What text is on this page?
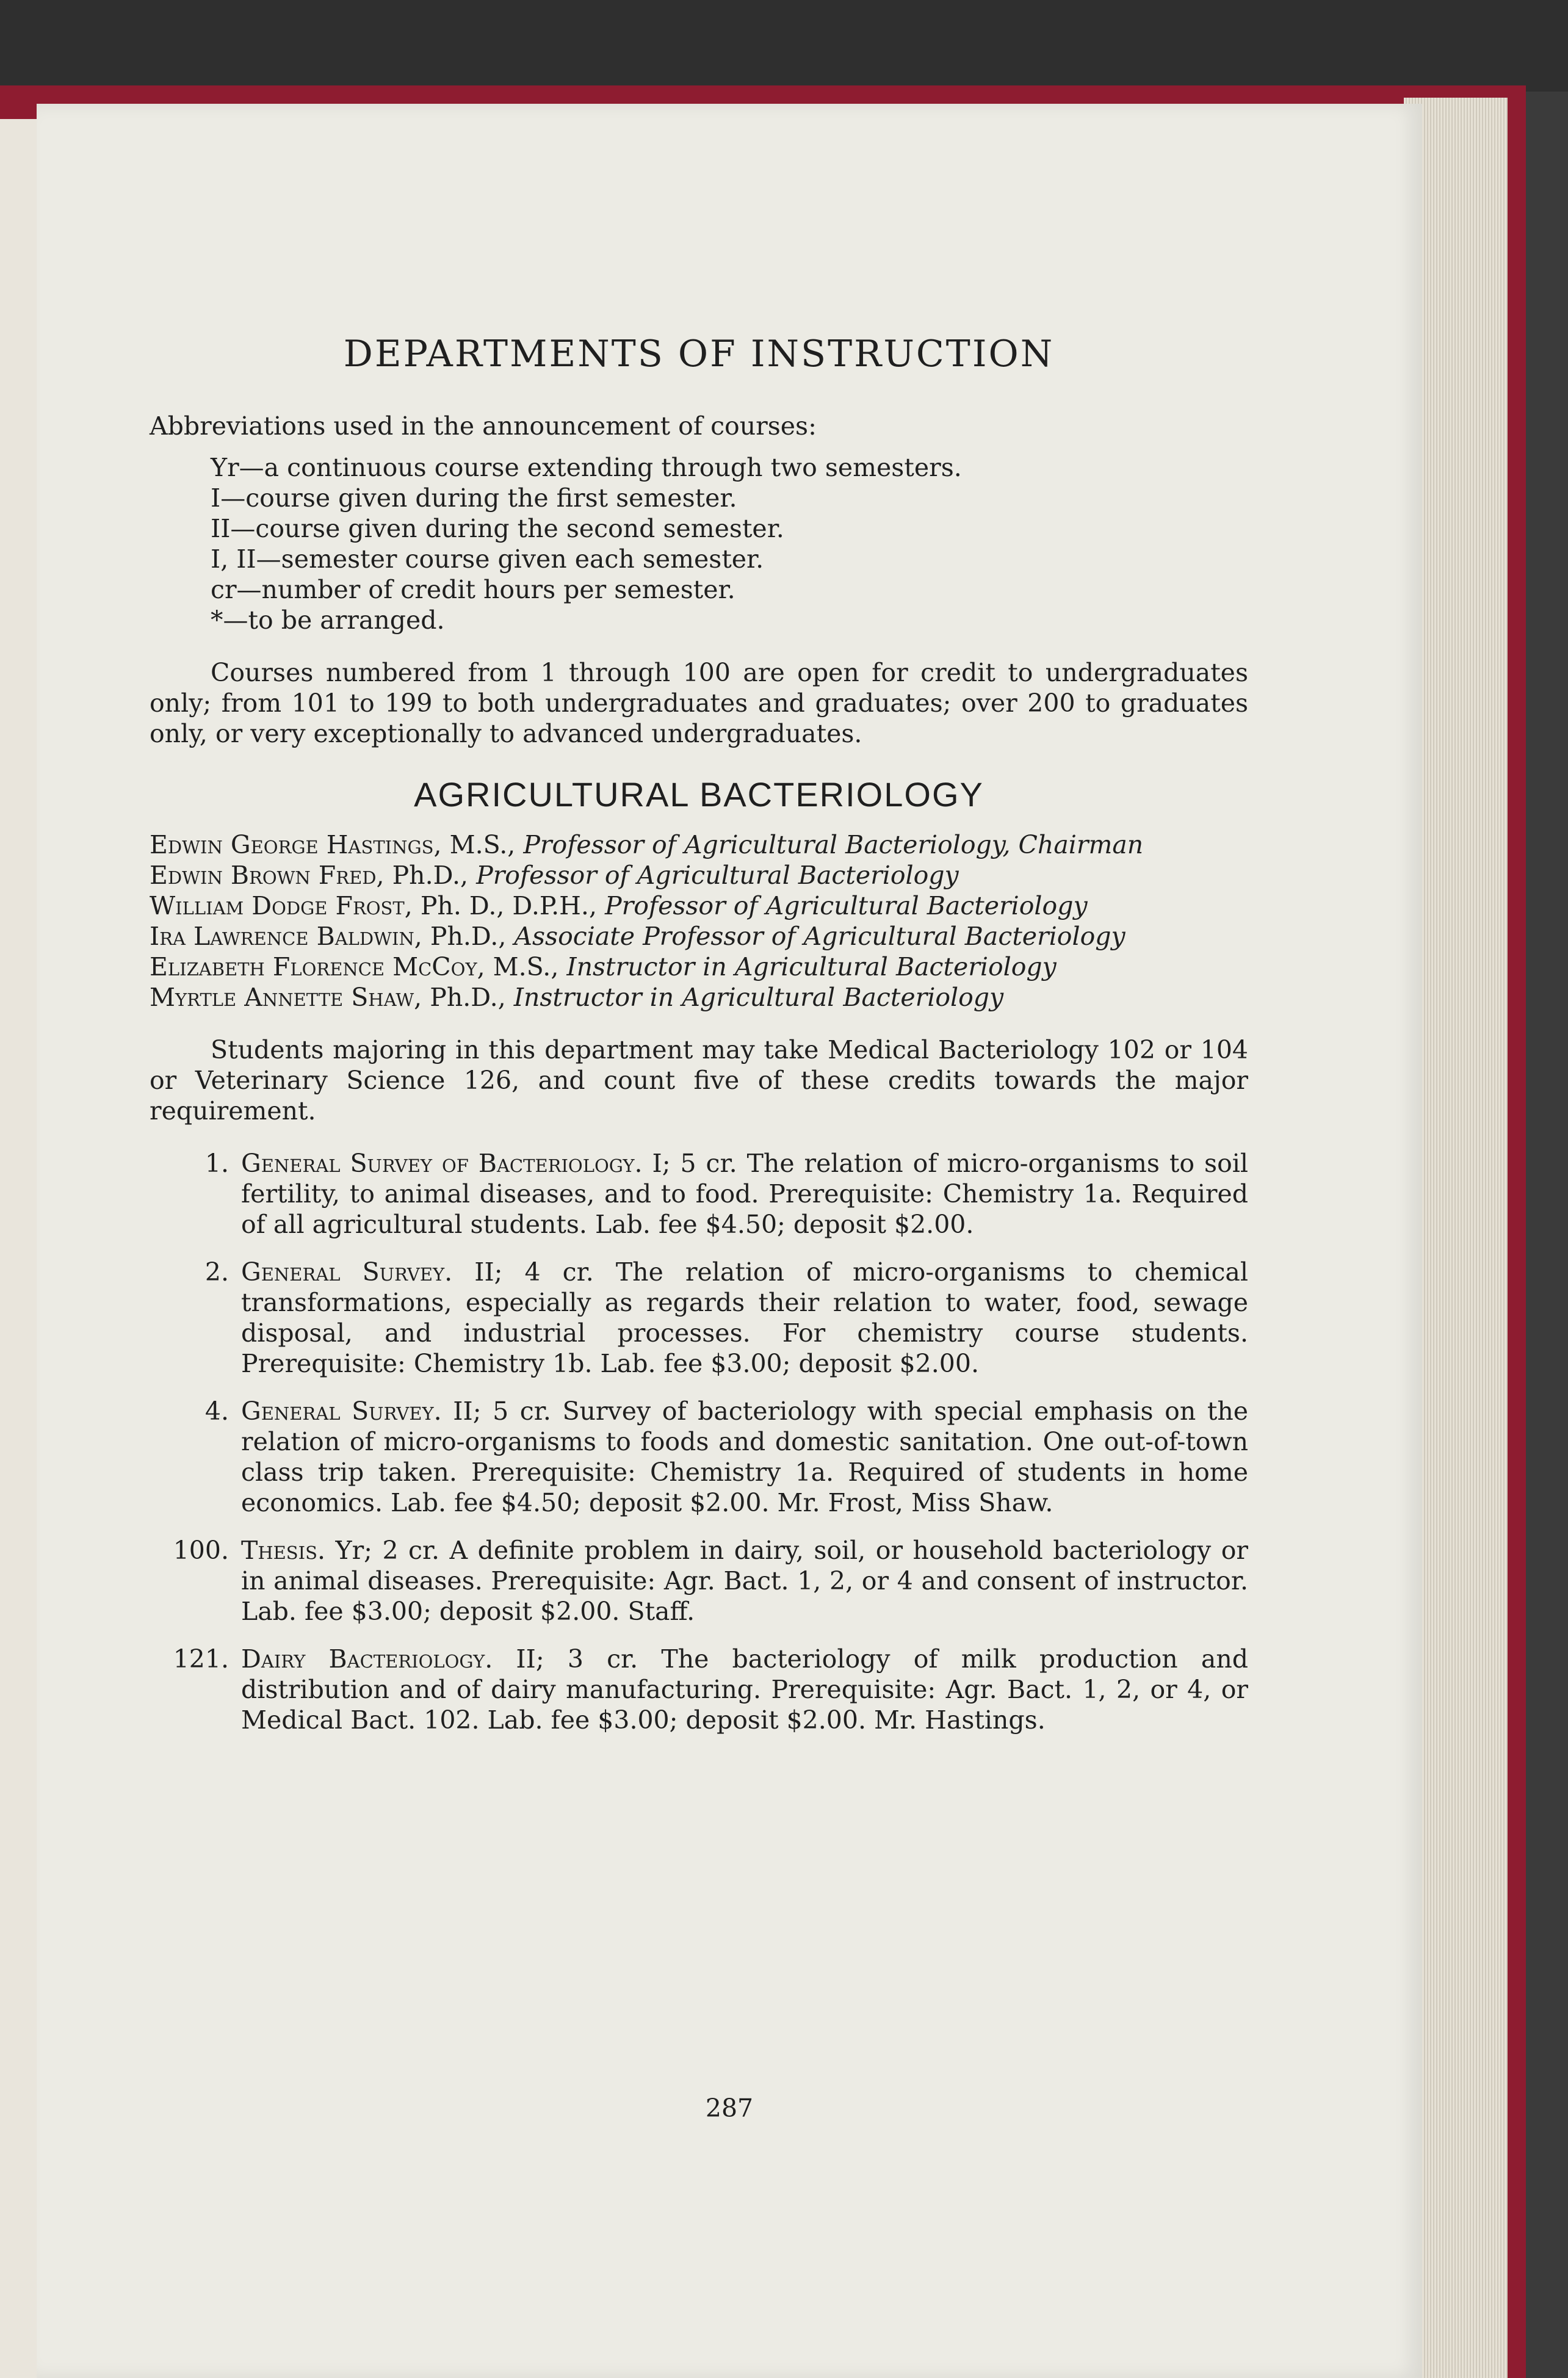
DEPARTMENTS OF INSTRUCTION

Abbreviations used in the announcement of courses:

Yr—a continuous course extending through two semesters.
I—course given during the first semester.
II—course given during the second semester.
I, II—semester course given each semester.
cr—number of credit hours per semester.
*—to be arranged.

Courses numbered from 1 through 100 are open for credit to undergraduates only; from 101 to 199 to both undergraduates and graduates; over 200 to graduates only, or very exceptionally to advanced undergraduates.

AGRICULTURAL BACTERIOLOGY
Edwin George Hastings, M.S., Professor of Agricultural Bacteriology, Chairman
Edwin Brown Fred, Ph.D., Professor of Agricultural Bacteriology
William Dodge Frost, Ph. D., D.P.H., Professor of Agricultural Bacteriology
Ira Lawrence Baldwin, Ph.D., Associate Professor of Agricultural Bacteriology
Elizabeth Florence McCoy, M.S., Instructor in Agricultural Bacteriology
Myrtle Annette Shaw, Ph.D., Instructor in Agricultural Bacteriology

Students majoring in this department may take Medical Bacteriology 102 or 104 or Veterinary Science 126, and count five of these credits towards the major requirement.

1. General Survey of Bacteriology. I; 5 cr. The relation of micro-organisms to soil fertility, to animal diseases, and to food. Prerequisite: Chemistry 1a. Required of all agricultural students. Lab. fee $4.50; deposit $2.00.
2. General Survey. II; 4 cr. The relation of micro-organisms to chemical transformations, especially as regards their relation to water, food, sewage disposal, and industrial processes. For chemistry course students. Prerequisite: Chemistry 1b. Lab. fee $3.00; deposit $2.00.
4. General Survey. II; 5 cr. Survey of bacteriology with special emphasis on the relation of micro-organisms to foods and domestic sanitation. One out-of-town class trip taken. Prerequisite: Chemistry 1a. Required of students in home economics. Lab. fee $4.50; deposit $2.00. Mr. Frost, Miss Shaw.
100. Thesis. Yr; 2 cr. A definite problem in dairy, soil, or household bacteriology or in animal diseases. Prerequisite: Agr. Bact. 1, 2, or 4 and consent of instructor. Lab. fee $3.00; deposit $2.00. Staff.
121. Dairy Bacteriology. II; 3 cr. The bacteriology of milk production and distribution and of dairy manufacturing. Prerequisite: Agr. Bact. 1, 2, or 4, or Medical Bact. 102. Lab. fee $3.00; deposit $2.00. Mr. Hastings.
287
